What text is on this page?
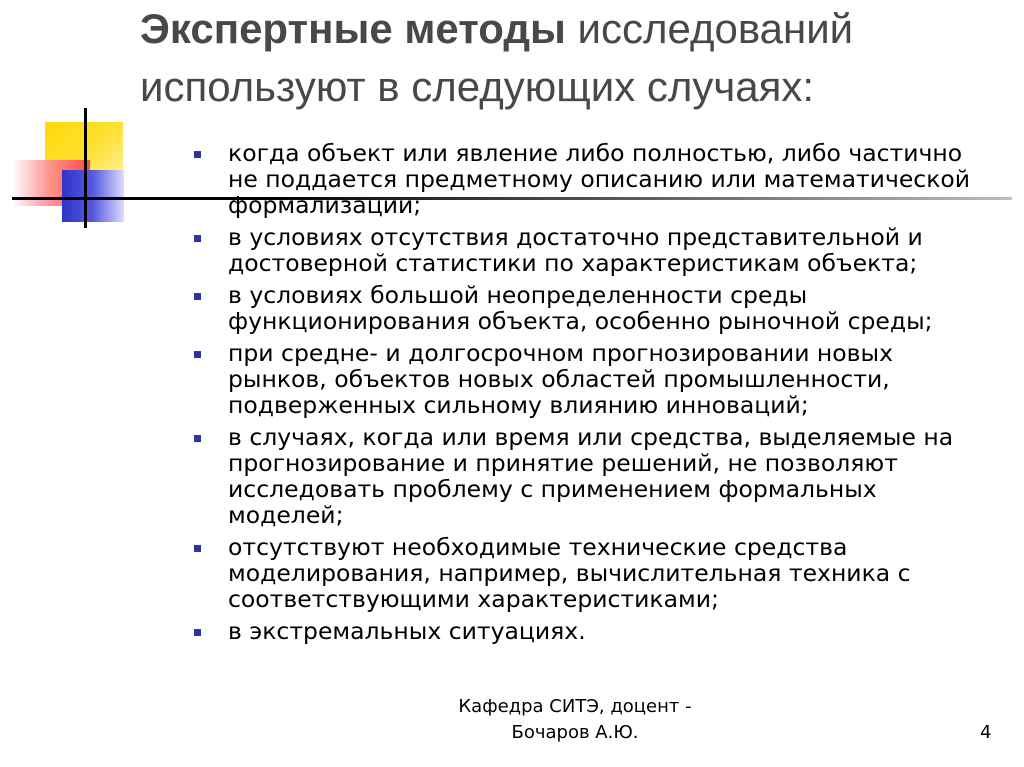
Экспертные методы исследований
используют в следующих случаях:
когда объект или явление либо полностью, либо частично не поддается предметному описанию или математической формализации;
в условиях отсутствия достаточно представительной и достоверной статистики по характеристикам объекта;
в условиях большой неопределенности среды функционирования объекта, особенно рыночной среды;
при средне- и долгосрочном прогнозировании новых рынков, объектов новых областей промышленности, подверженных сильному влиянию инноваций;
в случаях, когда или время или средства, выделяемые на прогнозирование и принятие решений, не позволяют исследовать проблему с применением формальных моделей;
отсутствуют необходимые технические средства моделирования, например, вычислительная техника с соответствующими характеристиками;
в экстремальных ситуациях.
Кафедра СИТЭ, доцент -
Бочаров А.Ю.	4
